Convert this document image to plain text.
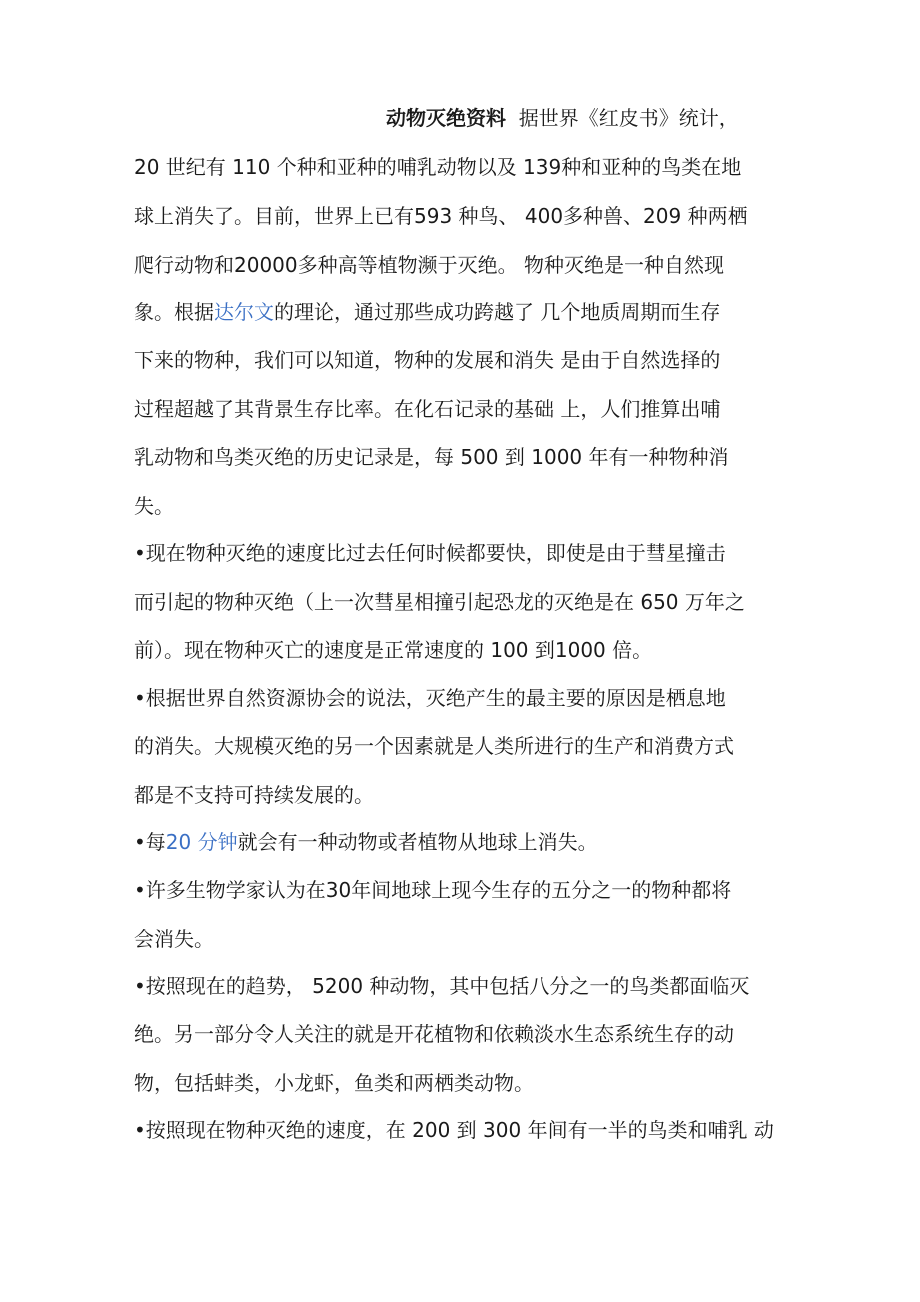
动物灭绝资料 据世界《红皮书》统计，
20 世纪有 110 个种和亚种的哺乳动物以及 139种和亚种的鸟类在地
球上消失了。目前，世界上已有593 种鸟、 400多种兽、209 种两栖
爬行动物和20000多种高等植物濒于灭绝。 物种灭绝是一种自然现
象。根据达尔文的理论，通过那些成功跨越了 几个地质周期而生存
下来的物种，我们可以知道，物种的发展和消失 是由于自然选择的
过程超越了其背景生存比率。在化石记录的基础 上，人们推算出哺
乳动物和鸟类灭绝的历史记录是，每 500 到 1000 年有一种物种消
失。
•现在物种灭绝的速度比过去任何时候都要快，即使是由于彗星撞击
而引起的物种灭绝（上一次彗星相撞引起恐龙的灭绝是在 650 万年之
前）。现在物种灭亡的速度是正常速度的 100 到1000 倍。
•根据世界自然资源协会的说法，灭绝产生的最主要的原因是栖息地
的消失。大规模灭绝的另一个因素就是人类所进行的生产和消费方式
都是不支持可持续发展的。
•每20 分钟就会有一种动物或者植物从地球上消失。
•许多生物学家认为在30年间地球上现今生存的五分之一的物种都将
会消失。
•按照现在的趋势， 5200 种动物，其中包括八分之一的鸟类都面临灭
绝。另一部分令人关注的就是开花植物和依赖淡水生态系统生存的动
物，包括蚌类，小龙虾，鱼类和两栖类动物。
•按照现在物种灭绝的速度，在 200 到 300 年间有一半的鸟类和哺乳 动
